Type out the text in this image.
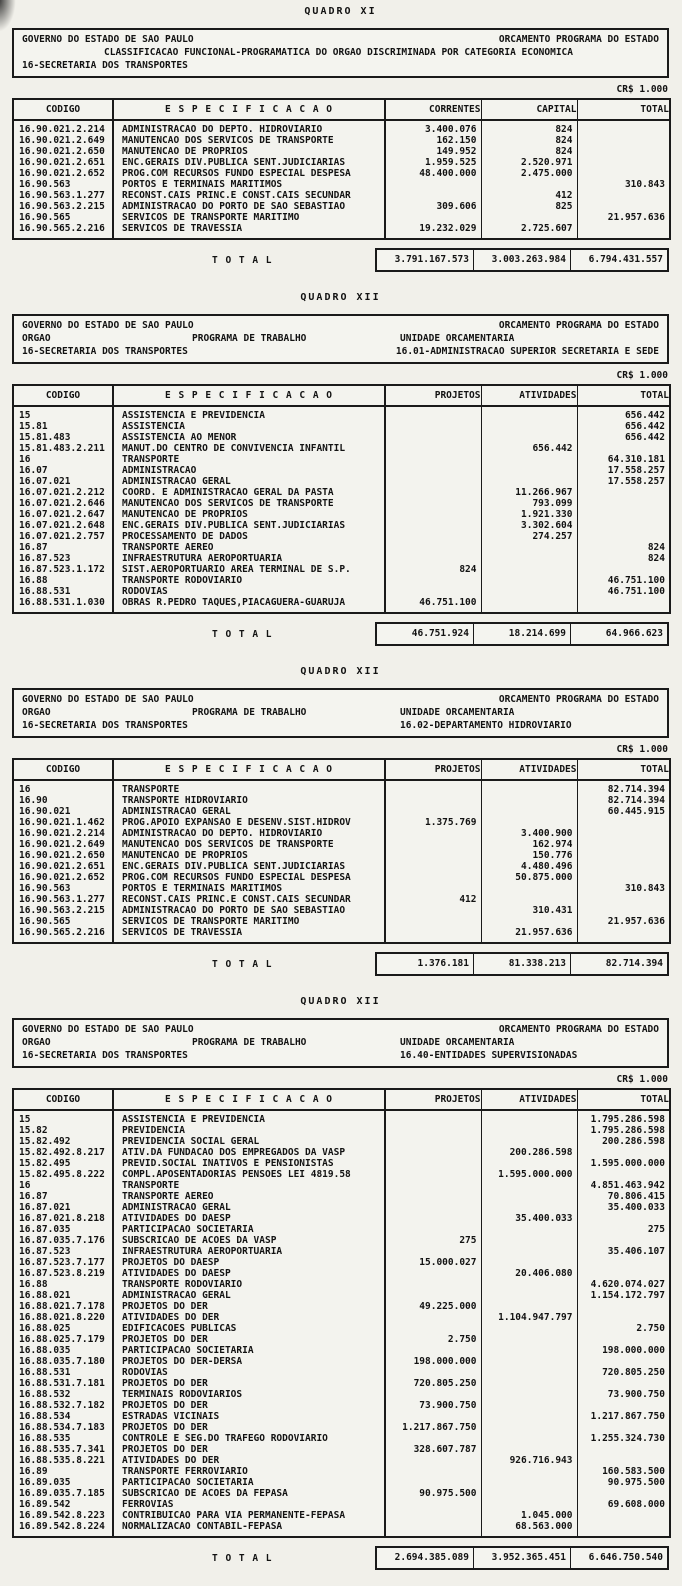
QUADRO XI
GOVERNO DO ESTADO DE SAO PAULO	ORCAMENTO PROGRAMA DO ESTADO
CLASSIFICACAO FUNCIONAL-PROGRAMATICA DO ORGAO DISCRIMINADA POR CATEGORIA ECONOMICA
16-SECRETARIA DOS TRANSPORTES
CR$ 1.000
CODIGO	E S P E C I F I C A C A O	CORRENTES	CAPITAL	TOTAL
16.90.021.2.214	ADMINISTRACAO DO DEPTO. HIDROVIARIO	3.400.076	824	
16.90.021.2.649	MANUTENCAO DOS SERVICOS DE TRANSPORTE	162.150	824	
16.90.021.2.650	MANUTENCAO DE PROPRIOS	149.952	824	
16.90.021.2.651	ENC.GERAIS DIV.PUBLICA SENT.JUDICIARIAS	1.959.525	2.520.971	
16.90.021.2.652	PROG.COM RECURSOS FUNDO ESPECIAL DESPESA	48.400.000	2.475.000	
16.90.563	PORTOS E TERMINAIS MARITIMOS			310.843
16.90.563.1.277	RECONST.CAIS PRINC.E CONST.CAIS SECUNDAR		412	
16.90.563.2.215	ADMINISTRACAO DO PORTO DE SAO SEBASTIAO	309.606	825	
16.90.565	SERVICOS DE TRANSPORTE MARITIMO			21.957.636
16.90.565.2.216	SERVICOS DE TRAVESSIA	19.232.029	2.725.607	
T O T A L	3.791.167.573	3.003.263.984	6.794.431.557
QUADRO XII
GOVERNO DO ESTADO DE SAO PAULO	ORCAMENTO PROGRAMA DO ESTADO
ORGAO	PROGRAMA DE TRABALHO	UNIDADE ORCAMENTARIA
16-SECRETARIA DOS TRANSPORTES	16.01-ADMINISTRACAO SUPERIOR SECRETARIA E SEDE
CR$ 1.000
CODIGO	E S P E C I F I C A C A O	PROJETOS	ATIVIDADES	TOTAL
15	ASSISTENCIA E PREVIDENCIA			656.442
15.81	ASSISTENCIA			656.442
15.81.483	ASSISTENCIA AO MENOR			656.442
15.81.483.2.211	MANUT.DO CENTRO DE CONVIVENCIA INFANTIL		656.442	
16	TRANSPORTE			64.310.181
16.07	ADMINISTRACAO			17.558.257
16.07.021	ADMINISTRACAO GERAL			17.558.257
16.07.021.2.212	COORD. E ADMINISTRACAO GERAL DA PASTA		11.266.967	
16.07.021.2.646	MANUTENCAO DOS SERVICOS DE TRANSPORTE		793.099	
16.07.021.2.647	MANUTENCAO DE PROPRIOS		1.921.330	
16.07.021.2.648	ENC.GERAIS DIV.PUBLICA SENT.JUDICIARIAS		3.302.604	
16.07.021.2.757	PROCESSAMENTO DE DADOS		274.257	
16.87	TRANSPORTE AEREO			824
16.87.523	INFRAESTRUTURA AEROPORTUARIA			824
16.87.523.1.172	SIST.AEROPORTUARIO AREA TERMINAL DE S.P.	824		
16.88	TRANSPORTE RODOVIARIO			46.751.100
16.88.531	RODOVIAS			46.751.100
16.88.531.1.030	OBRAS R.PEDRO TAQUES,PIACAGUERA-GUARUJA	46.751.100		
T O T A L	46.751.924	18.214.699	64.966.623
QUADRO XII
GOVERNO DO ESTADO DE SAO PAULO	ORCAMENTO PROGRAMA DO ESTADO
ORGAO	PROGRAMA DE TRABALHO	UNIDADE ORCAMENTARIA
16-SECRETARIA DOS TRANSPORTES	16.02-DEPARTAMENTO HIDROVIARIO
CR$ 1.000
CODIGO	E S P E C I F I C A C A O	PROJETOS	ATIVIDADES	TOTAL
16	TRANSPORTE			82.714.394
16.90	TRANSPORTE HIDROVIARIO			82.714.394
16.90.021	ADMINISTRACAO GERAL			60.445.915
16.90.021.1.462	PROG.APOIO EXPANSAO E DESENV.SIST.HIDROV	1.375.769		
16.90.021.2.214	ADMINISTRACAO DO DEPTO. HIDROVIARIO		3.400.900	
16.90.021.2.649	MANUTENCAO DOS SERVICOS DE TRANSPORTE		162.974	
16.90.021.2.650	MANUTENCAO DE PROPRIOS		150.776	
16.90.021.2.651	ENC.GERAIS DIV.PUBLICA SENT.JUDICIARIAS		4.480.496	
16.90.021.2.652	PROG.COM RECURSOS FUNDO ESPECIAL DESPESA		50.875.000	
16.90.563	PORTOS E TERMINAIS MARITIMOS			310.843
16.90.563.1.277	RECONST.CAIS PRINC.E CONST.CAIS SECUNDAR	412		
16.90.563.2.215	ADMINISTRACAO DO PORTO DE SAO SEBASTIAO		310.431	
16.90.565	SERVICOS DE TRANSPORTE MARITIMO			21.957.636
16.90.565.2.216	SERVICOS DE TRAVESSIA		21.957.636	
T O T A L	1.376.181	81.338.213	82.714.394
QUADRO XII
GOVERNO DO ESTADO DE SAO PAULO	ORCAMENTO PROGRAMA DO ESTADO
ORGAO	PROGRAMA DE TRABALHO	UNIDADE ORCAMENTARIA
16-SECRETARIA DOS TRANSPORTES	16.40-ENTIDADES SUPERVISIONADAS
CR$ 1.000
CODIGO	E S P E C I F I C A C A O	PROJETOS	ATIVIDADES	TOTAL
15	ASSISTENCIA E PREVIDENCIA			1.795.286.598
15.82	PREVIDENCIA			1.795.286.598
15.82.492	PREVIDENCIA SOCIAL GERAL			200.286.598
15.82.492.8.217	ATIV.DA FUNDACAO DOS EMPREGADOS DA VASP		200.286.598	
15.82.495	PREVID.SOCIAL INATIVOS E PENSIONISTAS			1.595.000.000
15.82.495.8.222	COMPL.APOSENTADORIAS PENSOES LEI 4819.58		1.595.000.000	
16	TRANSPORTE			4.851.463.942
16.87	TRANSPORTE AEREO			70.806.415
16.87.021	ADMINISTRACAO GERAL			35.400.033
16.87.021.8.218	ATIVIDADES DO DAESP		35.400.033	
16.87.035	PARTICIPACAO SOCIETARIA			275
16.87.035.7.176	SUBSCRICAO DE ACOES DA VASP	275		
16.87.523	INFRAESTRUTURA AEROPORTUARIA			35.406.107
16.87.523.7.177	PROJETOS DO DAESP	15.000.027		
16.87.523.8.219	ATIVIDADES DO DAESP		20.406.080	
16.88	TRANSPORTE RODOVIARIO			4.620.074.027
16.88.021	ADMINISTRACAO GERAL			1.154.172.797
16.88.021.7.178	PROJETOS DO DER	49.225.000		
16.88.021.8.220	ATIVIDADES DO DER		1.104.947.797	
16.88.025	EDIFICACOES PUBLICAS			2.750
16.88.025.7.179	PROJETOS DO DER	2.750		
16.88.035	PARTICIPACAO SOCIETARIA			198.000.000
16.88.035.7.180	PROJETOS DO DER-DERSA	198.000.000		
16.88.531	RODOVIAS			720.805.250
16.88.531.7.181	PROJETOS DO DER	720.805.250		
16.88.532	TERMINAIS RODOVIARIOS			73.900.750
16.88.532.7.182	PROJETOS DO DER	73.900.750		
16.88.534	ESTRADAS VICINAIS			1.217.867.750
16.88.534.7.183	PROJETOS DO DER	1.217.867.750		
16.88.535	CONTROLE E SEG.DO TRAFEGO RODOVIARIO			1.255.324.730
16.88.535.7.341	PROJETOS DO DER	328.607.787		
16.88.535.8.221	ATIVIDADES DO DER		926.716.943	
16.89	TRANSPORTE FERROVIARIO			160.583.500
16.89.035	PARTICIPACAO SOCIETARIA			90.975.500
16.89.035.7.185	SUBSCRICAO DE ACOES DA FEPASA	90.975.500		
16.89.542	FERROVIAS			69.608.000
16.89.542.8.223	CONTRIBUICAO PARA VIA PERMANENTE-FEPASA		1.045.000	
16.89.542.8.224	NORMALIZACAO CONTABIL-FEPASA		68.563.000	
T O T A L	2.694.385.089	3.952.365.451	6.646.750.540
